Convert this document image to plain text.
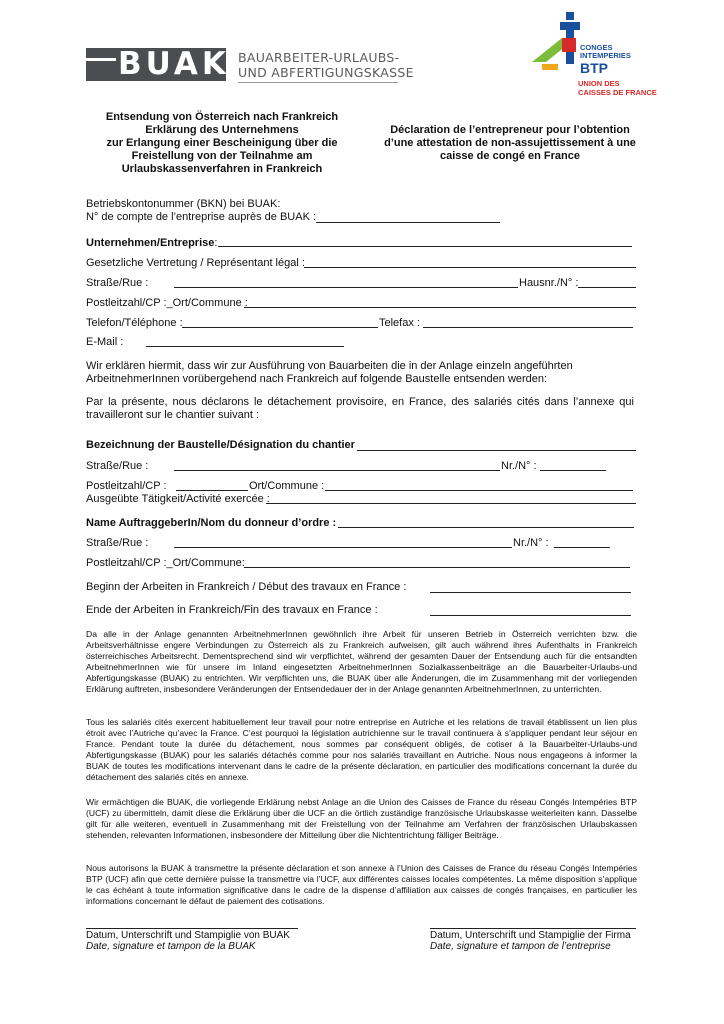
BUAK BAUARBEITER-URLAUBS-
UND ABFERTIGUNGSKASSE
CONGES
INTEMPERIES
BTP
UNION DES
CAISSES DE FRANCE
Entsendung von Österreich nach Frankreich
Erklärung des Unternehmens
zur Erlangung einer Bescheinigung über die
Freistellung von der Teilnahme am
Urlaubskassenverfahren in Frankreich
Déclaration de l’entrepreneur pour l’obtention
d’une attestation de non-assujettissement à une
caisse de congé en France
Betriebskontonummer (BKN) bei BUAK:
N° de compte de l’entreprise auprès de BUAK :
Unternehmen/Entreprise:
Gesetzliche Vertretung / Représentant légal :
Straße/Rue :	Hausnr./N° :
Postleitzahl/CP :_Ort/Commune :
Telefon/Téléphone :	Telefax :
E-Mail :
Wir erklären hiermit, dass wir zur Ausführung von Bauarbeiten die in der Anlage einzeln angeführten ArbeitnehmerInnen vorübergehend nach Frankreich auf folgende Baustelle entsenden werden:
Par la présente, nous déclarons le détachement provisoire, en France, des salariés cités dans l’annexe qui travailleront sur le chantier suivant :
Bezeichnung der Baustelle/Désignation du chantier
Straße/Rue :	Nr./N° :
Postleitzahl/CP :	Ort/Commune :
Ausgeübte Tätigkeit/Activité exercée :
Name AuftraggeberIn/Nom du donneur d’ordre :
Straße/Rue :	Nr./N° :
Postleitzahl/CP :_Ort/Commune:
Beginn der Arbeiten in Frankreich / Début des travaux en France :
Ende der Arbeiten in Frankreich/Fin des travaux en France :
Da alle in der Anlage genannten ArbeitnehmerInnen gewöhnlich ihre Arbeit für unseren Betrieb in Österreich verrichten bzw. die Arbeitsverhältnisse engere Verbindungen zu Österreich als zu Frankreich aufweisen, gilt auch während ihres Aufenthalts in Frankreich österreichisches Arbeitsrecht. Dementsprechend sind wir verpflichtet, während der gesamten Dauer der Entsendung auch für die entsandten ArbeitnehmerInnen wie für unsere im Inland eingesetzten ArbeitnehmerInnen Sozialkassenbeiträge an die Bauarbeiter-Urlaubs-und Abfertigungskasse (BUAK) zu entrichten. Wir verpflichten uns, die BUAK über alle Änderungen, die im Zusammenhang mit der vorliegenden Erklärung auftreten, insbesondere Veränderungen der Entsendedauer der in der Anlage genannten ArbeitnehmerInnen, zu unterrichten.
Tous les salariés cités exercent habituellement leur travail pour notre entreprise en Autriche et les relations de travail établissent un lien plus étroit avec l’Autriche qu’avec la France. C’est pourquoi la législation autrichienne sur le travail continuera à s’appliquer pendant leur séjour en France. Pendant toute la durée du détachement, nous sommes par conséquent obligés, de cotiser à la Bauarbeiter-Urlaubs-und Abfertigungskasse (BUAK) pour les salariés détachés comme pour nos salariés travaillant en Autriche. Nous nous engageons à informer la BUAK de toutes les modifications intervenant dans le cadre de la présente déclaration, en particulier des modifications concernant la durée du détachement des salariés cités en annexe.
Wir ermächtigen die BUAK, die vorliegende Erklärung nebst Anlage an die Union des Caisses de France du réseau Congés Intempéries BTP (UCF) zu übermitteln, damit diese die Erklärung über die UCF an die örtlich zuständige französische Urlaubskasse weiterleiten kann. Dasselbe gilt für alle weiteren, eventuell in Zusammenhang mit der Freistellung von der Teilnahme am Verfahren der französischen Urlaubskassen stehenden, relevanten Informationen, insbesondere der Mitteilung über die Nichtentrichtung fälliger Beiträge.
Nous autorisons la BUAK à transmettre la présente déclaration et son annexe à l’Union des Caisses de France du réseau Congés Intempéries BTP (UCF) afin que cette dernière puisse la transmettre via l’UCF, aux différentes caisses locales compétentes. La même disposition s’applique le cas échéant à toute information significative dans le cadre de la dispense d’affiliation aux caisses de congés françaises, en particulier les informations concernant le défaut de paiement des cotisations.
Datum, Unterschrift und Stampiglie von BUAK
Date, signature et tampon de la BUAK
Datum, Unterschrift und Stampiglie der Firma
Date, signature et tampon de l’entreprise
